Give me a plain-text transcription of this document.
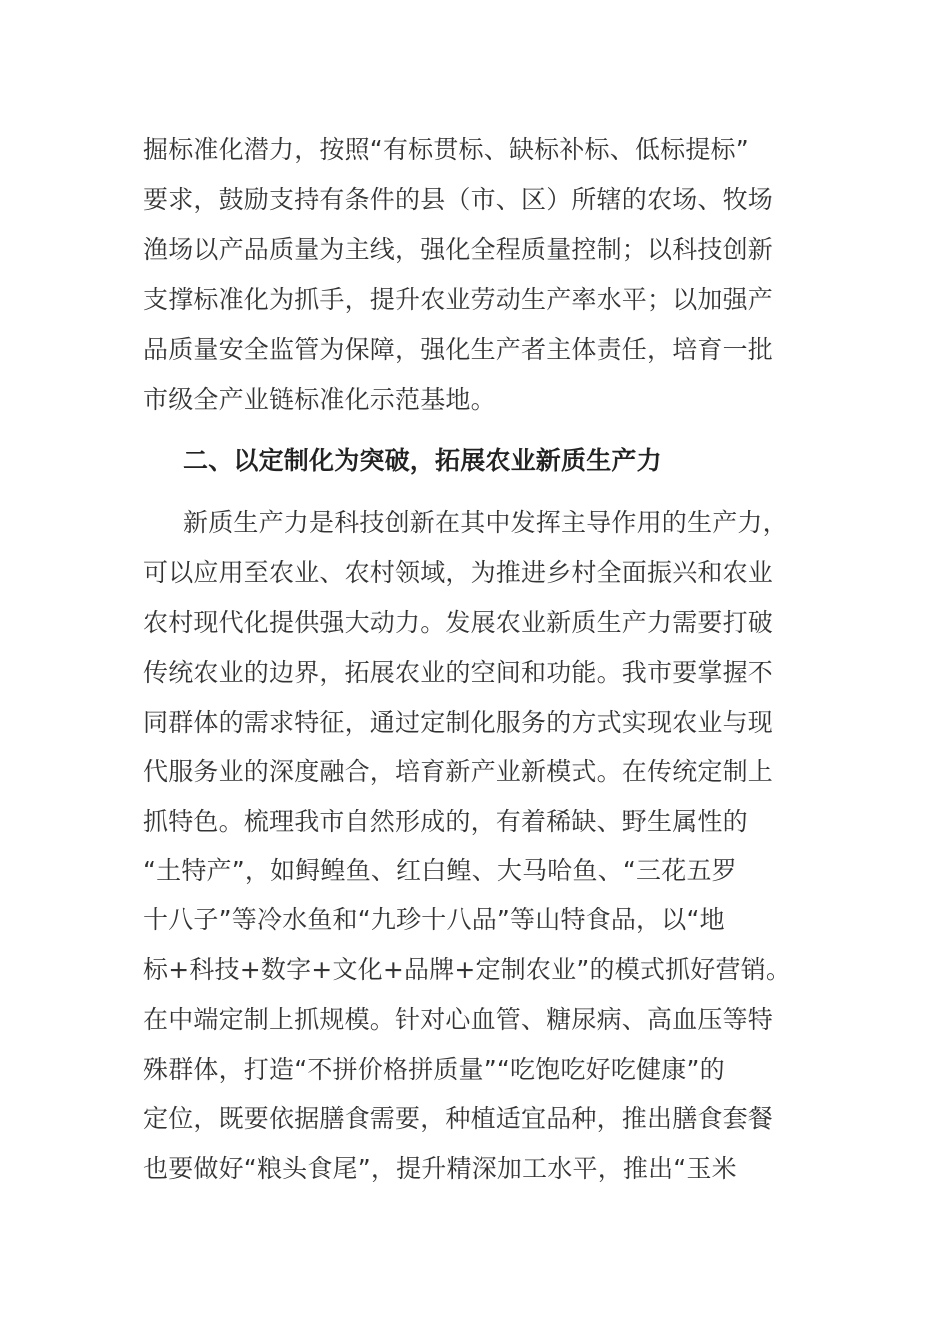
掘标准化潜力，按照“有标贯标、缺标补标、低标提标”
要求，鼓励支持有条件的县（市、区）所辖的农场、牧场
渔场以产品质量为主线，强化全程质量控制；以科技创新
支撑标准化为抓手，提升农业劳动生产率水平；以加强产
品质量安全监管为保障，强化生产者主体责任，培育一批
市级全产业链标准化示范基地。
二、以定制化为突破，拓展农业新质生产力
新质生产力是科技创新在其中发挥主导作用的生产力，
可以应用至农业、农村领域，为推进乡村全面振兴和农业
农村现代化提供强大动力。发展农业新质生产力需要打破
传统农业的边界，拓展农业的空间和功能。我市要掌握不
同群体的需求特征，通过定制化服务的方式实现农业与现
代服务业的深度融合，培育新产业新模式。在传统定制上
抓特色。梳理我市自然形成的，有着稀缺、野生属性的
“土特产”，如鲟鳇鱼、红白鳇、大马哈鱼、“三花五罗
十八子”等冷水鱼和“九珍十八品”等山特食品，以“地
标+科技+数字+文化+品牌+定制农业”的模式抓好营销。
在中端定制上抓规模。针对心血管、糖尿病、高血压等特
殊群体，打造“不拼价格拼质量”“吃饱吃好吃健康”的
定位，既要依据膳食需要，种植适宜品种，推出膳食套餐
也要做好“粮头食尾”，提升精深加工水平，推出“玉米
